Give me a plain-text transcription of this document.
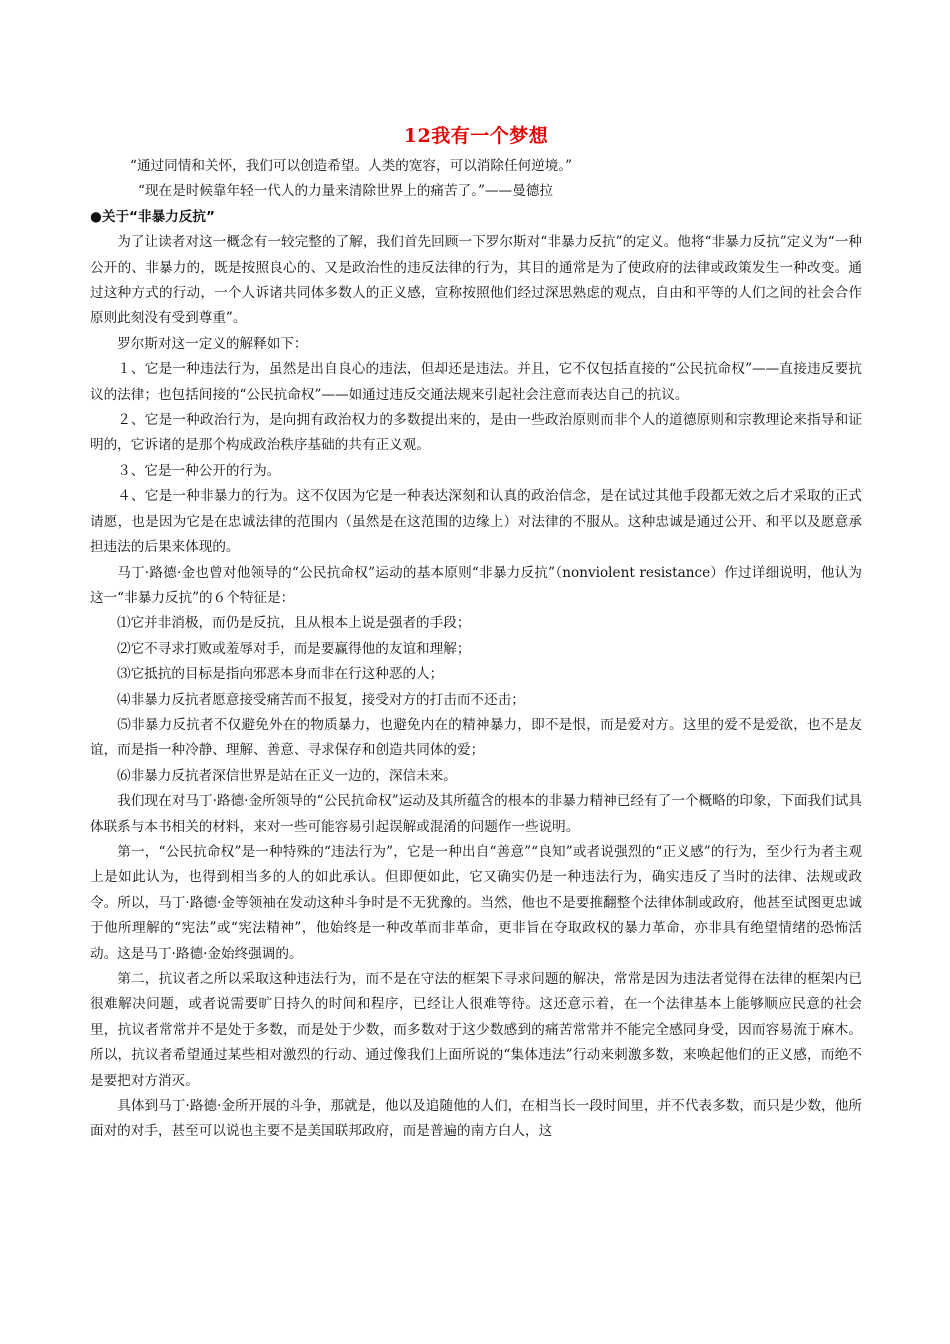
12我有一个梦想

“通过同情和关怀，我们可以创造希望。人类的宽容，可以消除任何逆境。”

“现在是时候靠年轻一代人的力量来清除世界上的痛苦了。”——曼德拉

●关于“非暴力反抗”

为了让读者对这一概念有一较完整的了解，我们首先回顾一下罗尔斯对“非暴力反抗”的定义。他将“非暴力反抗”定义为“一种公开的、非暴力的，既是按照良心的、又是政治性的违反法律的行为，其目的通常是为了使政府的法律或政策发生一种改变。通过这种方式的行动，一个人诉诸共同体多数人的正义感，宣称按照他们经过深思熟虑的观点，自由和平等的人们之间的社会合作原则此刻没有受到尊重”。

罗尔斯对这一定义的解释如下：

１、它是一种违法行为，虽然是出自良心的违法，但却还是违法。并且，它不仅包括直接的“公民抗命权”——直接违反要抗议的法律；也包括间接的“公民抗命权”——如通过违反交通法规来引起社会注意而表达自己的抗议。

２、它是一种政治行为，是向拥有政治权力的多数提出来的，是由一些政治原则而非个人的道德原则和宗教理论来指导和证明的，它诉诸的是那个构成政治秩序基础的共有正义观。

３、它是一种公开的行为。

４、它是一种非暴力的行为。这不仅因为它是一种表达深刻和认真的政治信念，是在试过其他手段都无效之后才采取的正式请愿，也是因为它是在忠诚法律的范围内（虽然是在这范围的边缘上）对法律的不服从。这种忠诚是通过公开、和平以及愿意承担违法的后果来体现的。

马丁·路德·金也曾对他领导的“公民抗命权”运动的基本原则“非暴力反抗”（nonviolent resistance）作过详细说明，他认为这一“非暴力反抗”的６个特征是：

⑴它并非消极，而仍是反抗，且从根本上说是强者的手段；

⑵它不寻求打败或羞辱对手，而是要赢得他的友谊和理解；

⑶它抵抗的目标是指向邪恶本身而非在行这种恶的人；

⑷非暴力反抗者愿意接受痛苦而不报复，接受对方的打击而不还击；

⑸非暴力反抗者不仅避免外在的物质暴力，也避免内在的精神暴力，即不是恨，而是爱对方。这里的爱不是爱欲，也不是友谊，而是指一种冷静、理解、善意、寻求保存和创造共同体的爱；

⑹非暴力反抗者深信世界是站在正义一边的，深信未来。

我们现在对马丁·路德·金所领导的“公民抗命权”运动及其所蕴含的根本的非暴力精神已经有了一个概略的印象，下面我们试具体联系与本书相关的材料，来对一些可能容易引起误解或混淆的问题作一些说明。

第一，“公民抗命权”是一种特殊的“违法行为”，它是一种出自“善意”“良知”或者说强烈的“正义感”的行为，至少行为者主观上是如此认为，也得到相当多的人的如此承认。但即便如此，它又确实仍是一种违法行为，确实违反了当时的法律、法规或政令。所以，马丁·路德·金等领袖在发动这种斗争时是不无犹豫的。当然，他也不是要推翻整个法律体制或政府，他甚至试图更忠诚于他所理解的“宪法”或“宪法精神”，他始终是一种改革而非革命，更非旨在夺取政权的暴力革命，亦非具有绝望情绪的恐怖活动。这是马丁·路德·金始终强调的。

第二，抗议者之所以采取这种违法行为，而不是在守法的框架下寻求问题的解决，常常是因为违法者觉得在法律的框架内已很难解决问题，或者说需要旷日持久的时间和程序，已经让人很难等待。这还意示着，在一个法律基本上能够顺应民意的社会里，抗议者常常并不是处于多数，而是处于少数，而多数对于这少数感到的痛苦常常并不能完全感同身受，因而容易流于麻木。所以，抗议者希望通过某些相对激烈的行动、通过像我们上面所说的“集体违法”行动来刺激多数，来唤起他们的正义感，而绝不是要把对方消灭。

具体到马丁·路德·金所开展的斗争，那就是，他以及追随他的人们，在相当长一段时间里，并不代表多数，而只是少数，他所面对的对手，甚至可以说也主要不是美国联邦政府，而是普遍的南方白人，这
